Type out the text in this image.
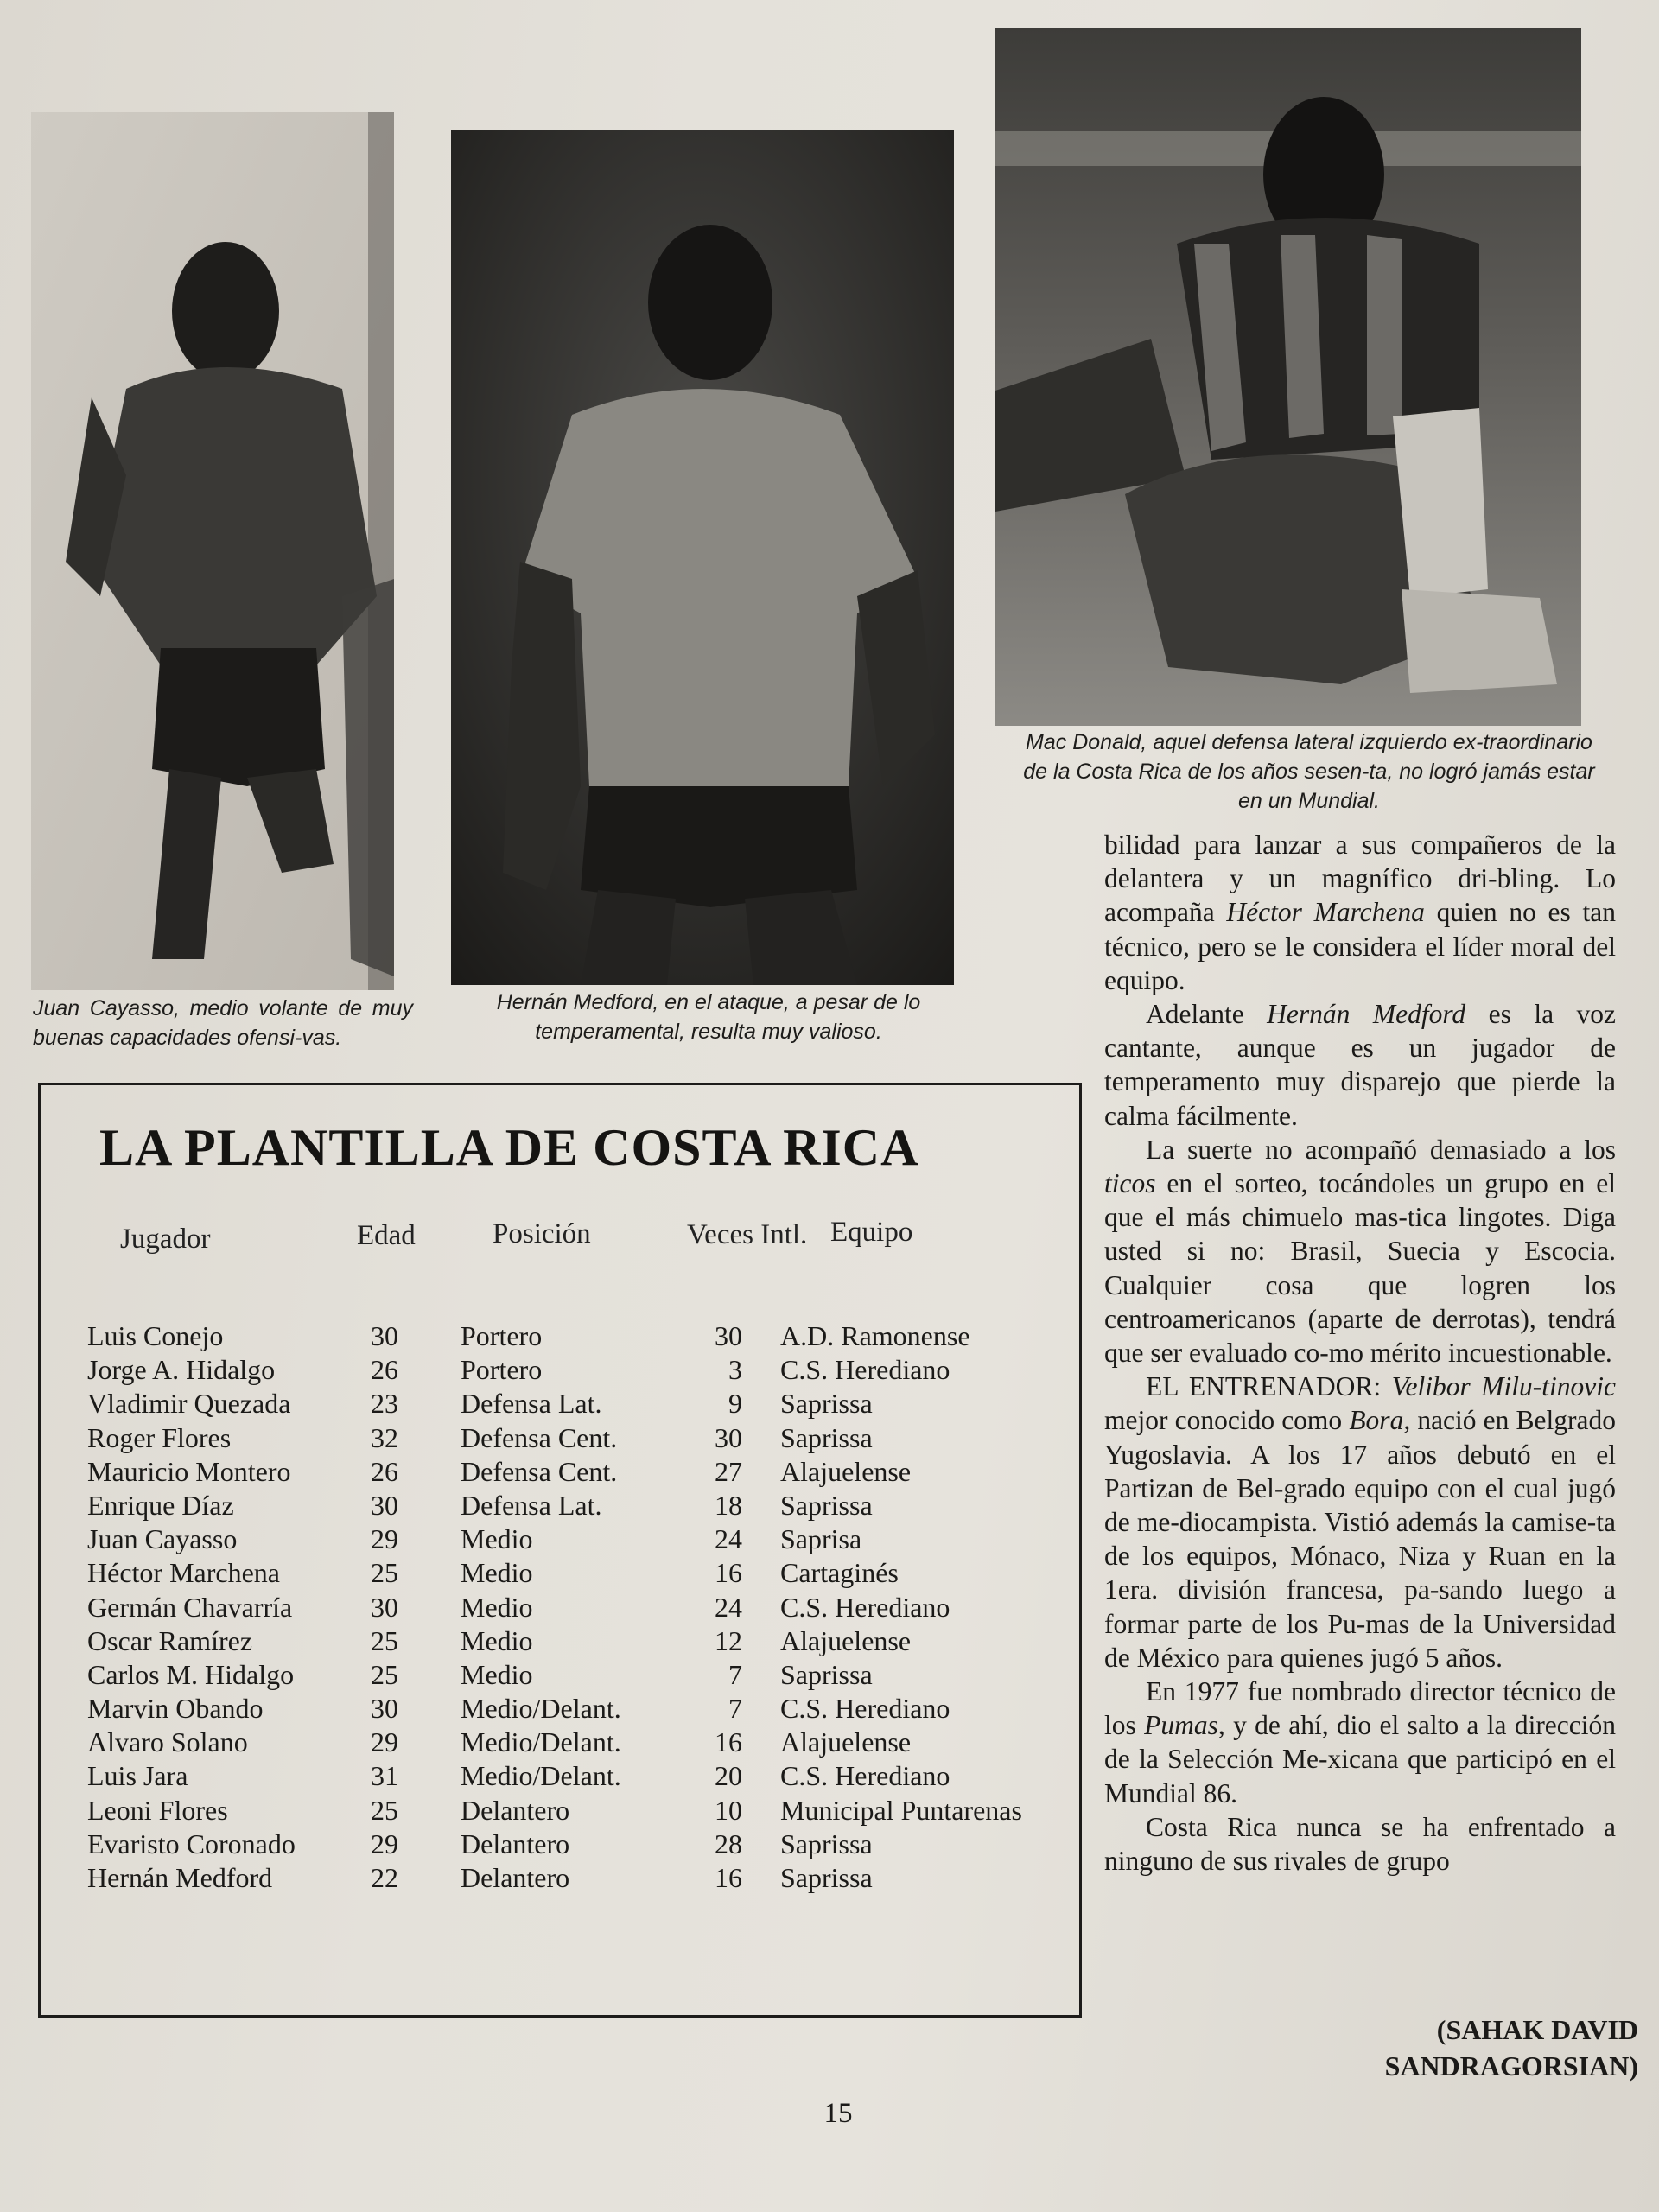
Juan Cayasso, medio volante de muy buenas capacidades ofensi-vas.
Hernán Medford, en el ataque, a pesar de lo temperamental, resulta muy valioso.
Mac Donald, aquel defensa lateral izquierdo ex-traordinario de la Costa Rica de los años sesen-ta, no logró jamás estar en un Mundial.
LA PLANTILLA DE COSTA RICA
Jugador	Edad	Posición	Veces Intl. Equipo
Luis Conejo	30	Portero	30 A.D. Ramonense
Jorge A. Hidalgo	26	Portero	3 C.S. Herediano
Vladimir Quezada	23	Defensa Lat.	9 Saprissa
Roger Flores	32	Defensa Cent.	30 Saprissa
Mauricio Montero	26	Defensa Cent.	27 Alajuelense
Enrique Díaz	30	Defensa Lat.	18 Saprissa
Juan Cayasso	29	Medio	24 Saprisa
Héctor Marchena	25	Medio	16 Cartaginés
Germán Chavarría	30	Medio	24 C.S. Herediano
Oscar Ramírez	25	Medio	12 Alajuelense
Carlos M. Hidalgo	25	Medio	7 Saprissa
Marvin Obando	30	Medio/Delant.	7 C.S. Herediano
Alvaro Solano	29	Medio/Delant.	16 Alajuelense
Luis Jara	31	Medio/Delant.	20 C.S. Herediano
Leoni Flores	25	Delantero	10 Municipal Puntarenas
Evaristo Coronado	29	Delantero	28 Saprissa
Hernán Medford	22	Delantero	16 Saprissa

bilidad para lanzar a sus compañeros de la delantera y un magnífico dri-bling. Lo acompaña Héctor Marchena quien no es tan técnico, pero se le considera el líder moral del equipo.

Adelante Hernán Medford es la voz cantante, aunque es un jugador de temperamento muy disparejo que pierde la calma fácilmente.

La suerte no acompañó demasiado a los ticos en el sorteo, tocándoles un grupo en el que el más chimuelo mas-tica lingotes. Diga usted si no: Brasil, Suecia y Escocia. Cualquier cosa que logren los centroamericanos (aparte de derrotas), tendrá que ser evaluado co-mo mérito incuestionable.

EL ENTRENADOR: Velibor Milu-tinovic mejor conocido como Bora, nació en Belgrado Yugoslavia. A los 17 años debutó en el Partizan de Bel-grado equipo con el cual jugó de me-diocampista. Vistió además la camise-ta de los equipos, Mónaco, Niza y Ruan en la 1era. división francesa, pa-sando luego a formar parte de los Pu-mas de la Universidad de México para quienes jugó 5 años.

En 1977 fue nombrado director técnico de los Pumas, y de ahí, dio el salto a la dirección de la Selección Me-xicana que participó en el Mundial 86.

Costa Rica nunca se ha enfrentado a ninguno de sus rivales de grupo

(SAHAK DAVID
SANDRAGORSIAN)
15
